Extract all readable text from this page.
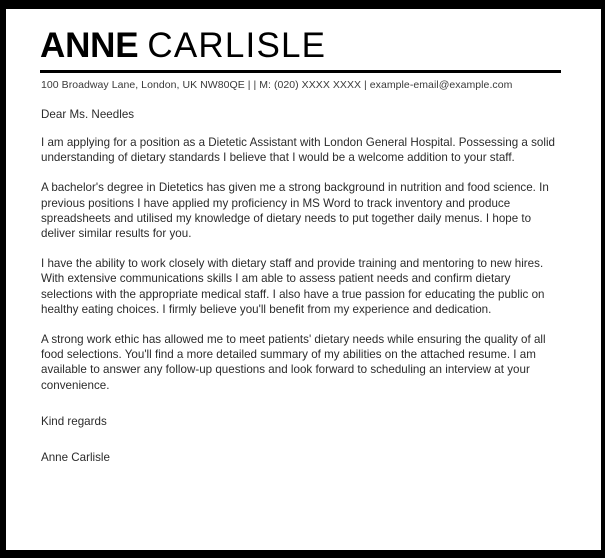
ANNE CARLISLE
100 Broadway Lane, London, UK NW80QE | | M: (020) XXXX XXXX | example-email@example.com
Dear Ms. Needles

I am applying for a position as a Dietetic Assistant with London General Hospital. Possessing a solid understanding of dietary standards I believe that I would be a welcome addition to your staff.

A bachelor's degree in Dietetics has given me a strong background in nutrition and food science. In previous positions I have applied my proficiency in MS Word to track inventory and produce spreadsheets and utilised my knowledge of dietary needs to put together daily menus. I hope to deliver similar results for you.

I have the ability to work closely with dietary staff and provide training and mentoring to new hires. With extensive communications skills I am able to assess patient needs and confirm dietary selections with the appropriate medical staff. I also have a true passion for educating the public on healthy eating choices. I firmly believe you'll benefit from my experience and dedication.

A strong work ethic has allowed me to meet patients' dietary needs while ensuring the quality of all food selections. You'll find a more detailed summary of my abilities on the attached resume. I am available to answer any follow-up questions and look forward to scheduling an interview at your convenience.

Kind regards
Anne Carlisle
